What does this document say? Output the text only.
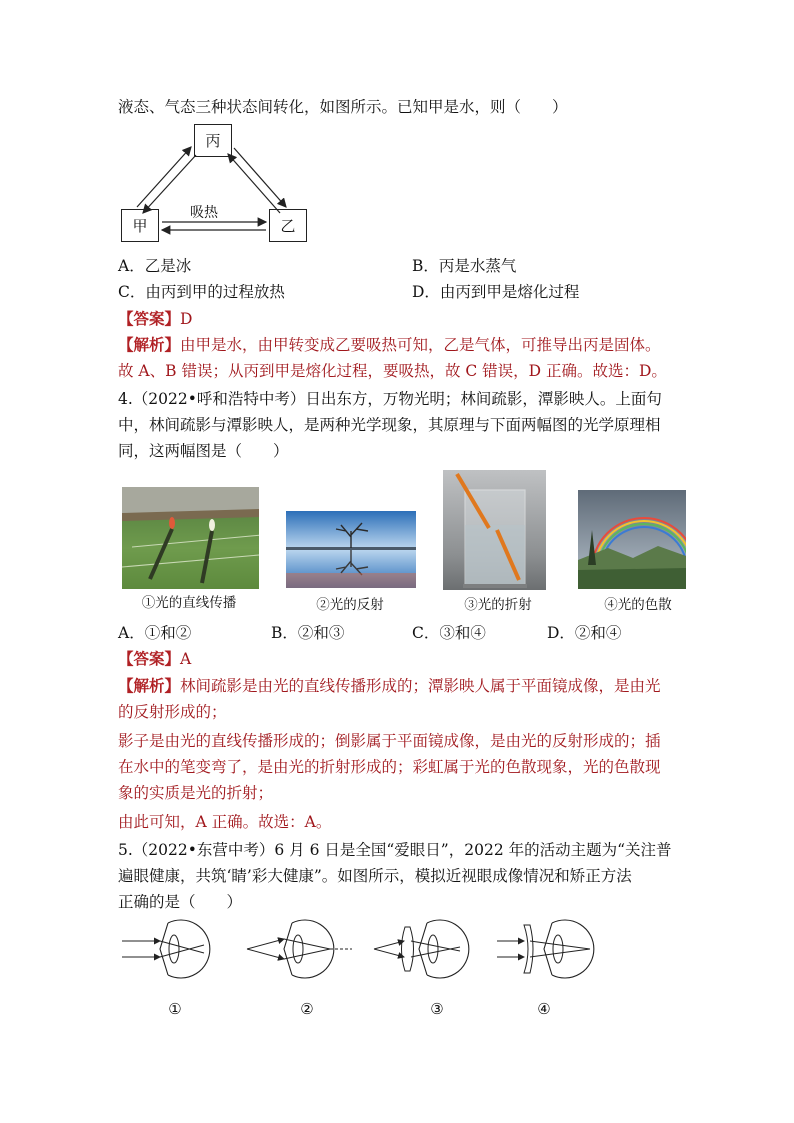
液态、气态三种状态间转化，如图所示。已知甲是水，则（　　）
丙
甲	乙
吸热
A．乙是冰	B．丙是水蒸气
C．由丙到甲的过程放热	D．由丙到甲是熔化过程
【答案】D
【解析】由甲是水，由甲转变成乙要吸热可知，乙是气体，可推导出丙是固体。
故 A、B 错误；从丙到甲是熔化过程，要吸热，故 C 错误，D 正确。故选：D。
4.（2022•呼和浩特中考）日出东方，万物光明；林间疏影，潭影映人。上面句
中，林间疏影与潭影映人，是两种光学现象，其原理与下面两幅图的光学原理相
同，这两幅图是（　　）
①光的直线传播	②光的反射	③光的折射	④光的色散
A．①和②	B．②和③	C．③和④	D．②和④
【答案】A
【解析】林间疏影是由光的直线传播形成的；潭影映人属于平面镜成像，是由光
的反射形成的；
影子是由光的直线传播形成的；倒影属于平面镜成像，是由光的反射形成的；插
在水中的笔变弯了，是由光的折射形成的；彩虹属于光的色散现象，光的色散现
象的实质是光的折射；
由此可知，A 正确。故选：A。
5.（2022•东营中考）6 月 6 日是全国“爱眼日”，2022 年的活动主题为“关注普
遍眼健康，共筑‘睛’彩大健康”。如图所示，模拟近视眼成像情况和矫正方法
正确的是（　　）
①	②	③	④
